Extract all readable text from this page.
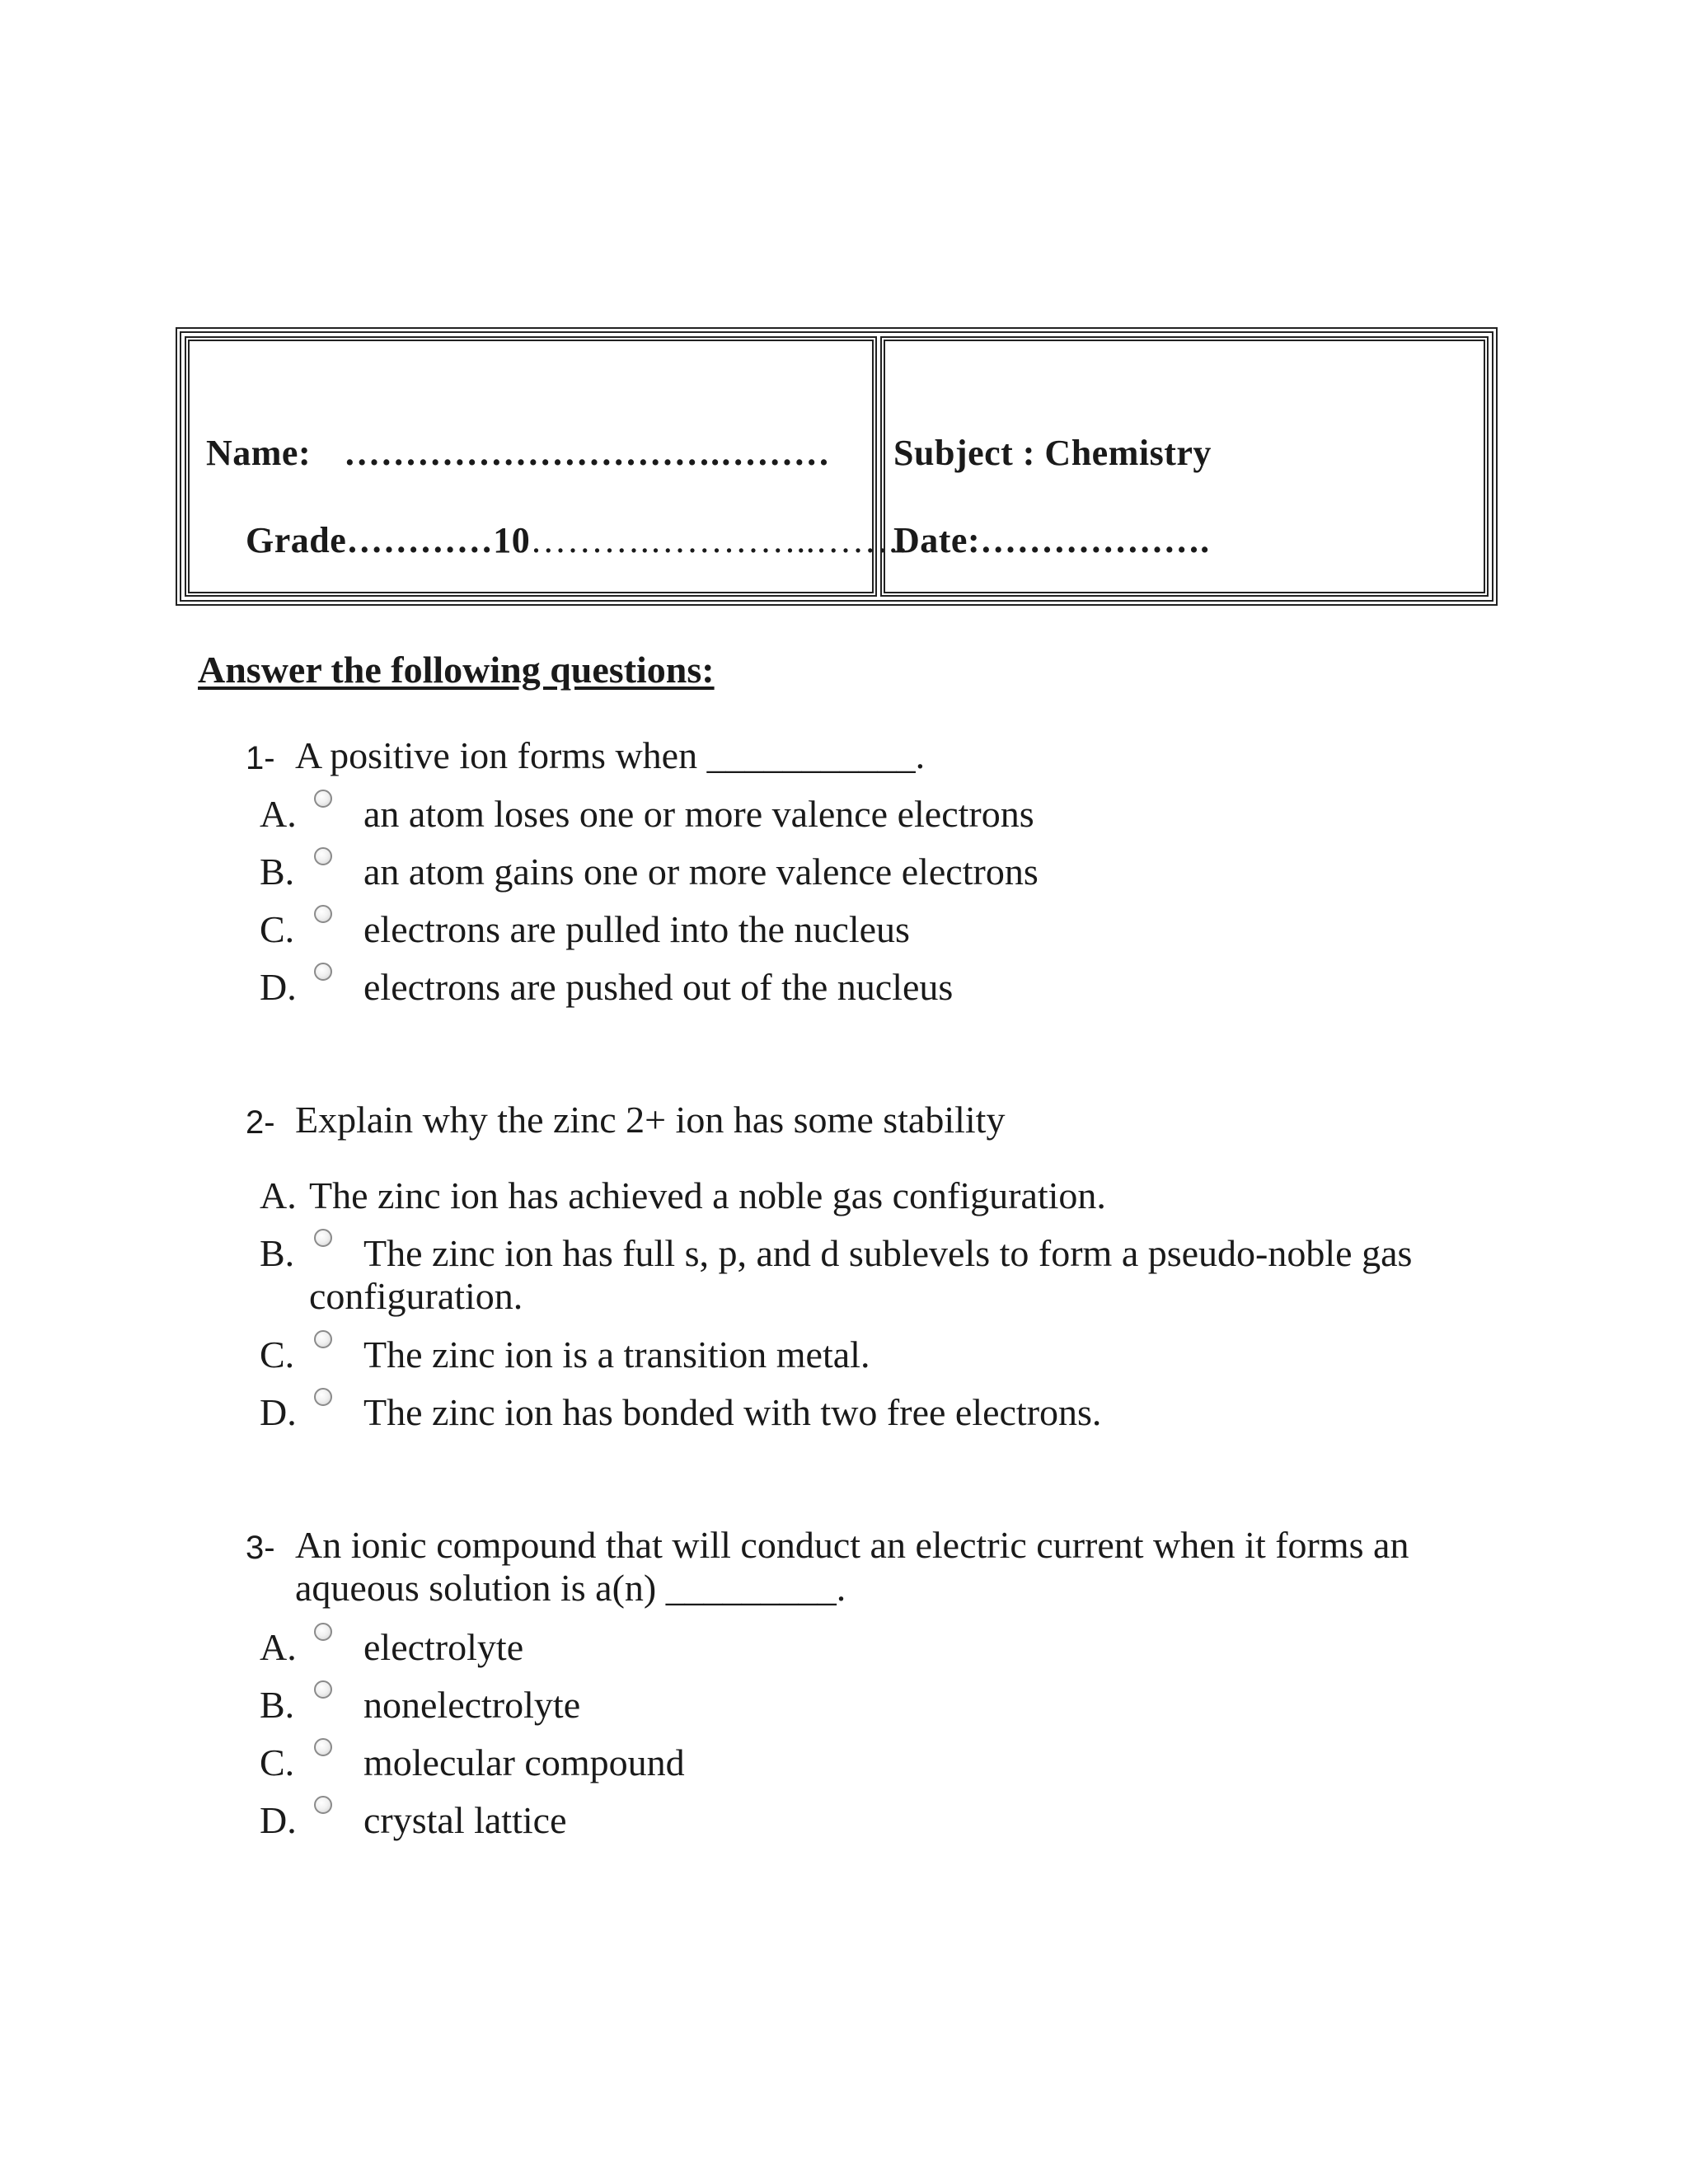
Name: ………………………….………
Grade…………10……….…………..……..
Subject : Chemistry
Date:……………….
Answer the following questions:
1- A positive ion forms when ___________.
A. an atom loses one or more valence electrons
B. an atom gains one or more valence electrons
C. electrons are pulled into the nucleus
D. electrons are pushed out of the nucleus
2- Explain why the zinc 2+ ion has some stability
A. The zinc ion has achieved a noble gas configuration.
B. The zinc ion has full s, p, and d sublevels to form a pseudo-noble gas
configuration.
C. The zinc ion is a transition metal.
D. The zinc ion has bonded with two free electrons.
3- An ionic compound that will conduct an electric current when it forms an
aqueous solution is a(n) _________.
A. electrolyte
B. nonelectrolyte
C. molecular compound
D. crystal lattice
